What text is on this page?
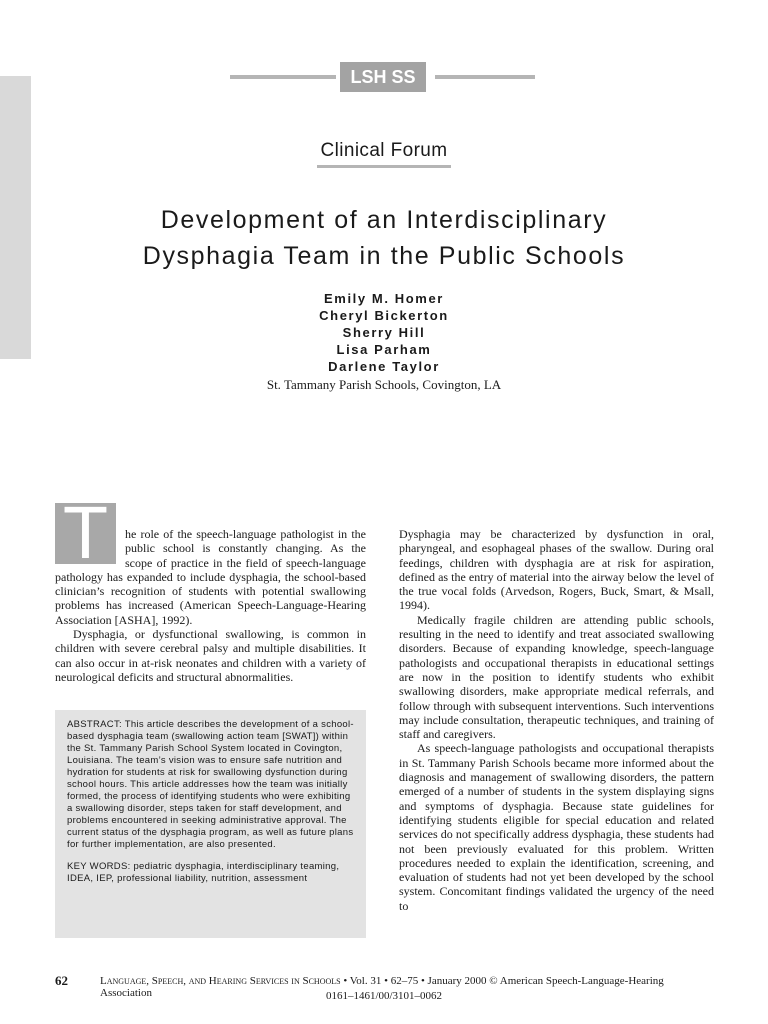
LSH SS
Clinical Forum
Development of an Interdisciplinary
Dysphagia Team in the Public Schools
Emily M. Homer
Cheryl Bickerton
Sherry Hill
Lisa Parham
Darlene Taylor
St. Tammany Parish Schools, Covington, LA

T	he role of the speech-language pathologist in the public school is constantly changing. As the scope of practice in the field of speech-language pathology has expanded to include dysphagia, the school-based clinician’s recognition of students with potential swallowing problems has increased (American Speech-Language-Hearing Association [ASHA], 1992).

Dysphagia, or dysfunctional swallowing, is common in children with severe cerebral palsy and multiple disabilities. It can also occur in at-risk neonates and children with a variety of neurological deficits and structural abnormalities.

ABSTRACT: This article describes the development of a school-based dysphagia team (swallowing action team [SWAT]) within the St. Tammany Parish School System located in Covington, Louisiana. The team’s vision was to ensure safe nutrition and hydration for students at risk for swallowing dysfunction during school hours. This article addresses how the team was initially formed, the process of identifying students who were exhibiting a swallowing disorder, steps taken for staff development, and problems encountered in seeking administrative approval. The current status of the dysphagia program, as well as future plans for further implementation, are also presented.

KEY WORDS: pediatric dysphagia, interdisciplinary teaming, IDEA, IEP, professional liability, nutrition, assessment

Dysphagia may be characterized by dysfunction in oral, pharyngeal, and esophageal phases of the swallow. During oral feedings, children with dysphagia are at risk for aspiration, defined as the entry of material into the airway below the level of the true vocal folds (Arvedson, Rogers, Buck, Smart, & Msall, 1994).

Medically fragile children are attending public schools, resulting in the need to identify and treat associated swallowing disorders. Because of expanding knowledge, speech-language pathologists and occupational therapists in educational settings are now in the position to identify students who exhibit swallowing disorders, make appropriate medical referrals, and follow through with subsequent interventions. Such interventions may include consultation, therapeutic techniques, and training of staff and caregivers.

As speech-language pathologists and occupational therapists in St. Tammany Parish Schools became more informed about the diagnosis and management of swallowing disorders, the pattern emerged of a number of students in the system displaying signs and symptoms of dysphagia. Because state guidelines for identifying students eligible for special education and related services do not specifically address dysphagia, these students had not been previously evaluated for this problem. Written procedures needed to explain the identification, screening, and evaluation of students had not yet been developed by the school system. Concomitant findings validated the urgency of the need to

62	Language, Speech, and Hearing Services in Schools • Vol. 31 • 62–75 • January 2000 © American Speech-Language-Hearing Association	0161–1461/00/3101–0062
